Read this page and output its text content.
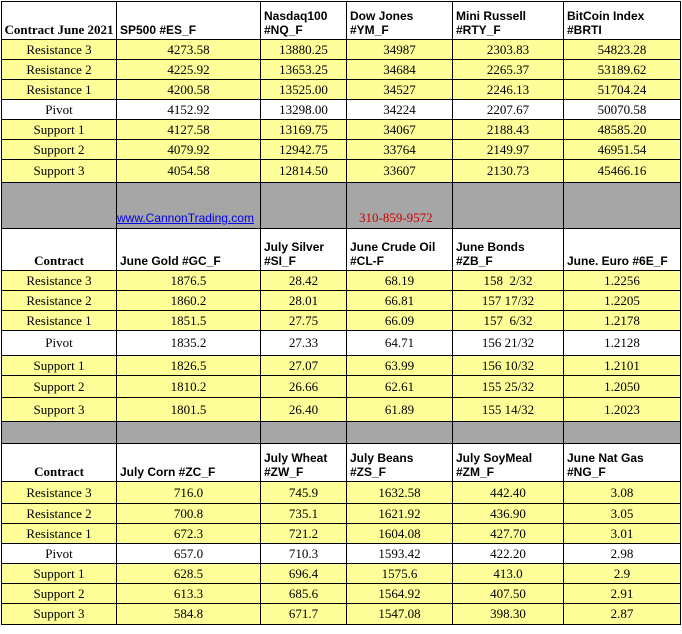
Contract June 2021	SP500 #ES_F	Nasdaq100 #NQ_F	Dow Jones #YM_F	Mini Russell #RTY_F	BitCoin Index #BRTI
Resistance 3	4273.58	13880.25	34987	2303.83	54823.28
Resistance 2	4225.92	13653.25	34684	2265.37	53189.62
Resistance 1	4200.58	13525.00	34527	2246.13	51704.24
Pivot	4152.92	13298.00	34224	2207.67	50070.58
Support 1	4127.58	13169.75	34067	2188.43	48585.20
Support 2	4079.92	12942.75	33764	2149.97	46951.54
Support 3	4054.58	12814.50	33607	2130.73	45466.16
	www.CannonTrading.com		310-859-9572		
Contract	June Gold #GC_F	July Silver #SI_F	June Crude Oil #CL-F	June Bonds #ZB_F	June. Euro #6E_F
Resistance 3	1876.5	28.42	68.19	158  2/32	1.2256
Resistance 2	1860.2	28.01	66.81	157 17/32	1.2205
Resistance 1	1851.5	27.75	66.09	157  6/32	1.2178
Pivot	1835.2	27.33	64.71	156 21/32	1.2128
Support 1	1826.5	27.07	63.99	156 10/32	1.2101
Support 2	1810.2	26.66	62.61	155 25/32	1.2050
Support 3	1801.5	26.40	61.89	155 14/32	1.2023

Contract	July Corn #ZC_F	July Wheat #ZW_F	July Beans #ZS_F	July SoyMeal #ZM_F	June Nat Gas #NG_F
Resistance 3	716.0	745.9	1632.58	442.40	3.08
Resistance 2	700.8	735.1	1621.92	436.90	3.05
Resistance 1	672.3	721.2	1604.08	427.70	3.01
Pivot	657.0	710.3	1593.42	422.20	2.98
Support 1	628.5	696.4	1575.6	413.0	2.9
Support 2	613.3	685.6	1564.92	407.50	2.91
Support 3	584.8	671.7	1547.08	398.30	2.87
